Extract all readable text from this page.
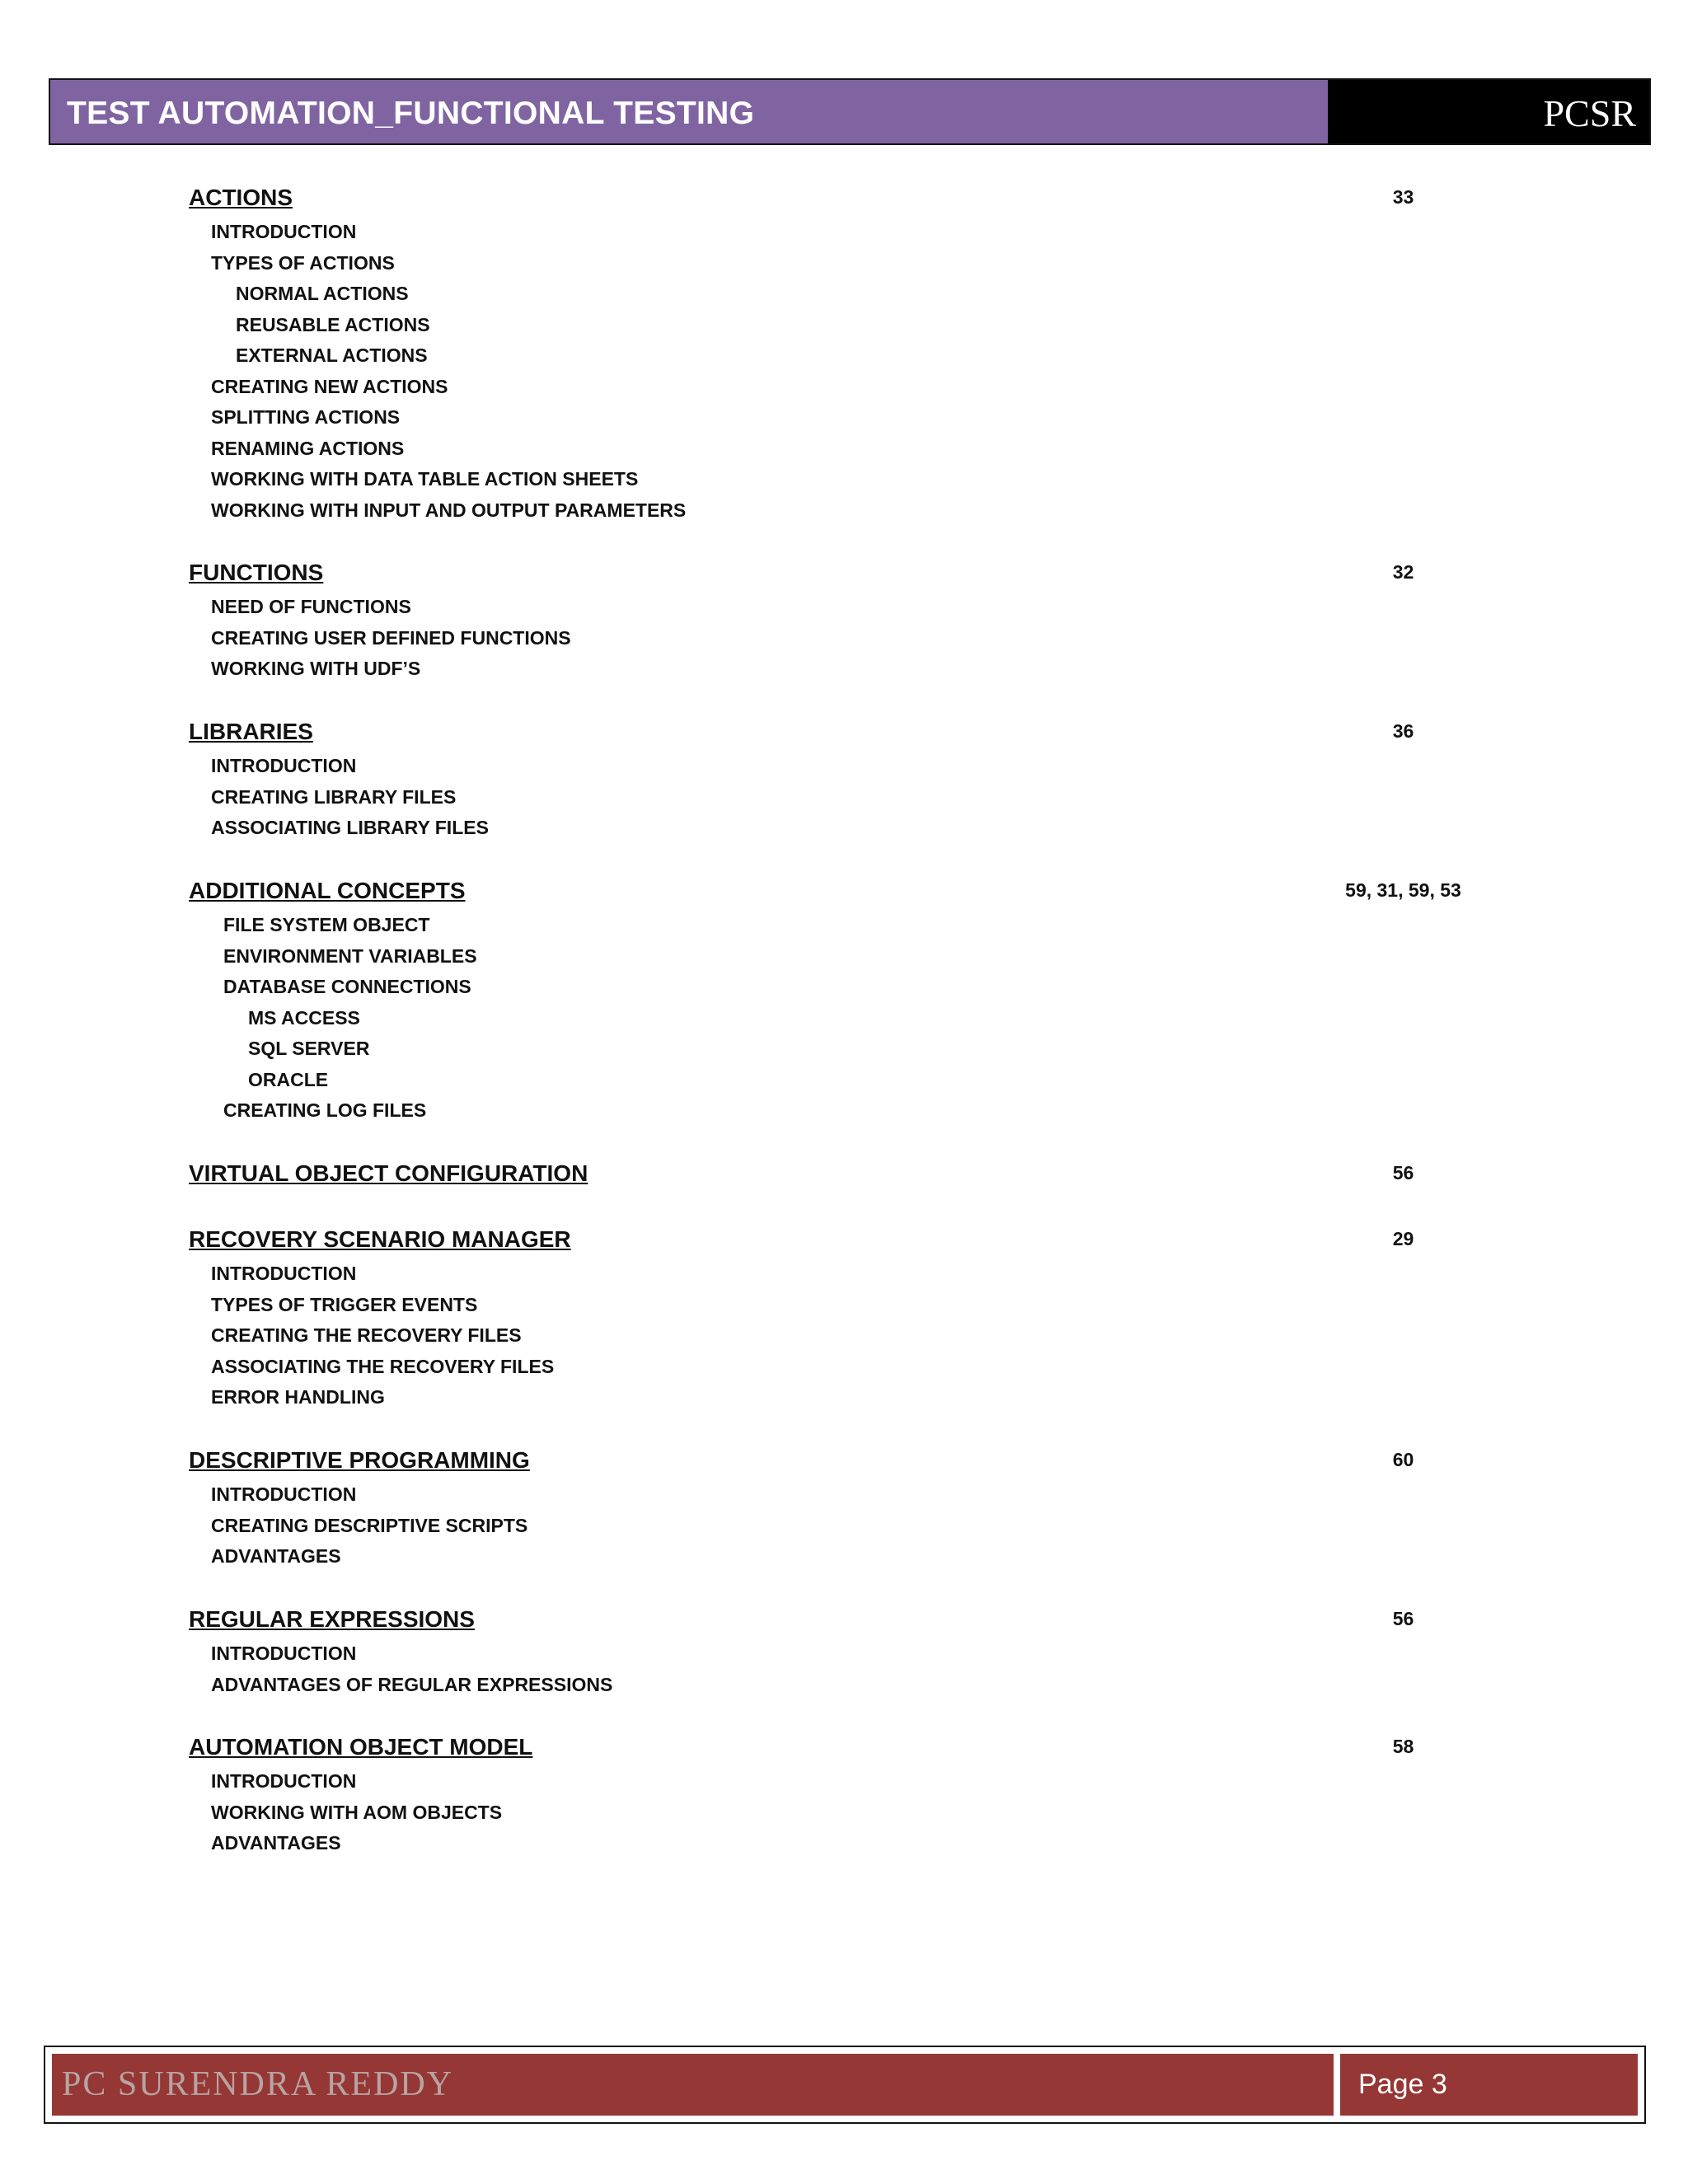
TEST AUTOMATION_FUNCTIONAL TESTING	PCSR
ACTIONS	33
INTRODUCTION
TYPES OF ACTIONS
NORMAL ACTIONS
REUSABLE ACTIONS
EXTERNAL ACTIONS
CREATING NEW ACTIONS
SPLITTING ACTIONS
RENAMING ACTIONS
WORKING WITH DATA TABLE ACTION SHEETS
WORKING WITH INPUT AND OUTPUT PARAMETERS
FUNCTIONS	32
NEED OF FUNCTIONS
CREATING USER DEFINED FUNCTIONS
WORKING WITH UDF’S
LIBRARIES	36
INTRODUCTION
CREATING LIBRARY FILES
ASSOCIATING LIBRARY FILES
ADDITIONAL CONCEPTS	59, 31, 59, 53
FILE SYSTEM OBJECT
ENVIRONMENT VARIABLES
DATABASE CONNECTIONS
MS ACCESS
SQL SERVER
ORACLE
CREATING LOG FILES
VIRTUAL OBJECT CONFIGURATION	56
RECOVERY SCENARIO MANAGER	29
INTRODUCTION
TYPES OF TRIGGER EVENTS
CREATING THE RECOVERY FILES
ASSOCIATING THE RECOVERY FILES
ERROR HANDLING
DESCRIPTIVE PROGRAMMING	60
INTRODUCTION
CREATING DESCRIPTIVE SCRIPTS
ADVANTAGES
REGULAR EXPRESSIONS	56
INTRODUCTION
ADVANTAGES OF REGULAR EXPRESSIONS
AUTOMATION OBJECT MODEL	58
INTRODUCTION
WORKING WITH AOM OBJECTS
ADVANTAGES
PC SURENDRA REDDY	Page 3
